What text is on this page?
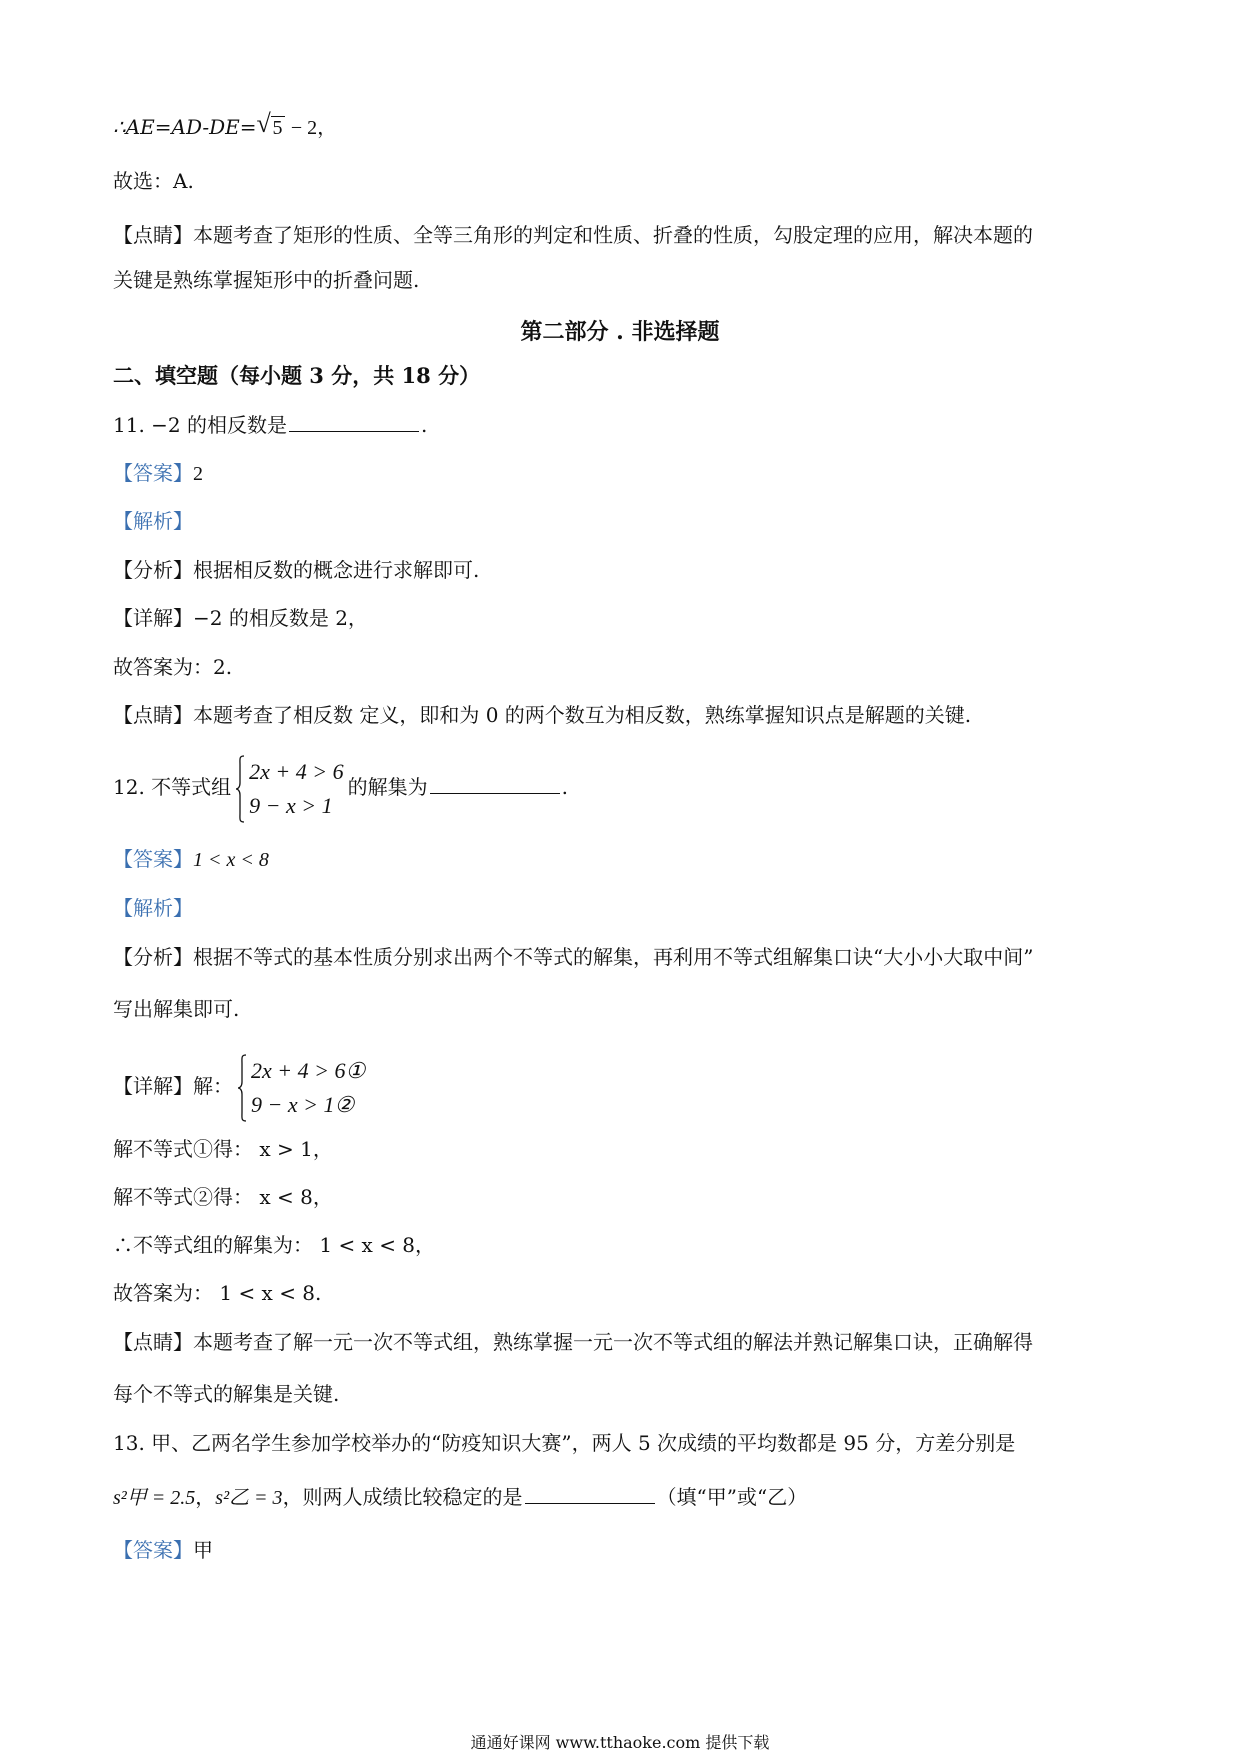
∴AE=AD-DE= √ 5 − 2，
故选：A.
【点睛】本题考查了矩形的性质、全等三角形的判定和性质、折叠的性质，勾股定理的应用，解决本题的
关键是熟练掌握矩形中的折叠问题.
第二部分 . 非选择题
二、填空题（每小题 3 分，共 18 分）
11. −2 的相反数是	.
【答案】2
【解析】
【分析】根据相反数的概念进行求解即可.
【详解】−2 的相反数是 2，
故答案为：2.
【点睛】本题考查了相反数 定义，即和为 0 的两个数互为相反数，熟练掌握知识点是解题的关键.
12. 不等式组
2x + 4 > 6
9 − x > 1
的解集为	.
【答案】1 < x < 8
【解析】
【分析】根据不等式的基本性质分别求出两个不等式的解集，再利用不等式组解集口诀“大小小大取中间”
写出解集即可.
【详解】解：
2x + 4 > 6①
9 − x > 1②
解不等式①得： x > 1，
解不等式②得： x < 8，
∴不等式组的解集为： 1 < x < 8，
故答案为： 1 < x < 8.
【点睛】本题考查了解一元一次不等式组，熟练掌握一元一次不等式组的解法并熟记解集口诀，正确解得
每个不等式的解集是关键.
13. 甲、乙两名学生参加学校举办的“防疫知识大赛”，两人 5 次成绩的平均数都是 95 分，方差分别是
s²甲 = 2.5，s²乙 = 3，则两人成绩比较稳定的是	（填“甲”或“乙）
【答案】甲
通通好课网 www.tthaoke.com 提供下载
